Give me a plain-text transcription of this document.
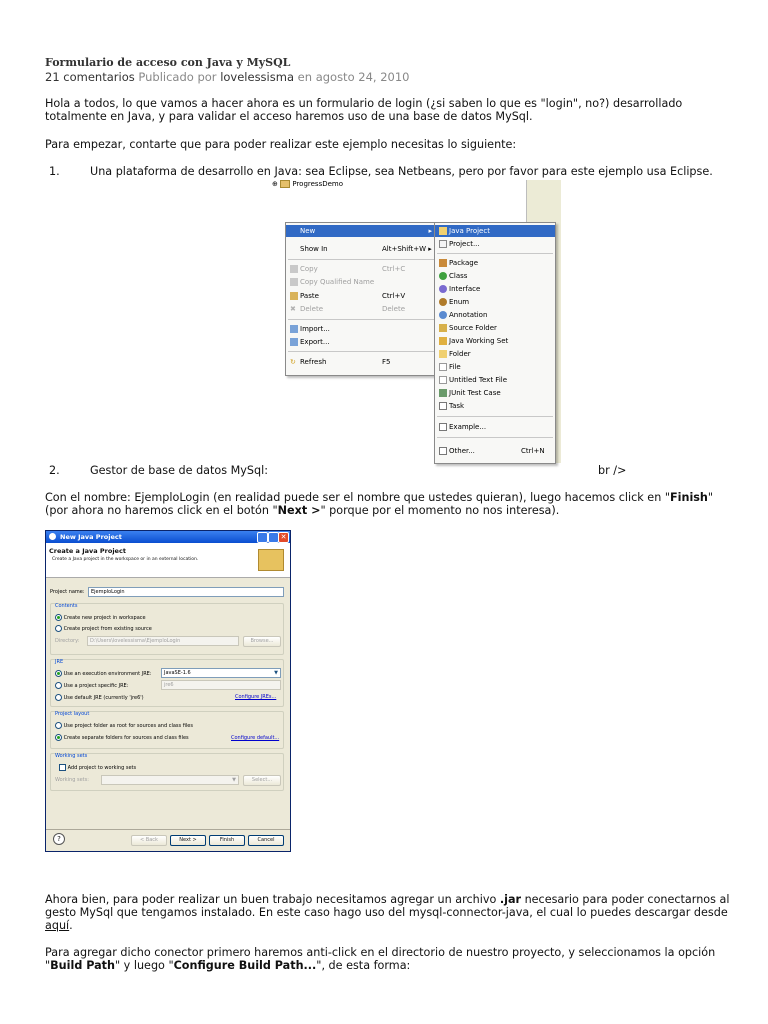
Formulario de acceso con Java y MySQL
21 comentarios Publicado por lovelessisma en agosto 24, 2010
Hola a todos, lo que vamos a hacer ahora es un formulario de login (¿si saben lo que es "login", no?) desarrollado totalmente en Java, y para validar el acceso haremos uso de una base de datos MySql.
Para empezar, contarte que para poder realizar este ejemplo necesitas lo siguiente:
1.	Una plataforma de desarrollo en Java: sea Eclipse, sea Netbeans, pero por favor para este ejemplo usa Eclipse.
⊕ ProgressDemo
New	▸
Show In	Alt+Shift+W ▸
Copy	Ctrl+C
Copy Qualified Name
Paste	Ctrl+V
✖ Delete	Delete
Import...
Export...
↻ Refresh	F5
Java Project
Project...
Package
Class
Interface
Enum
Annotation
Source Folder
Java Working Set
Folder
File
Untitled Text File
JUnit Test Case
Task
Example...
Other...	Ctrl+N
2.	Gestor de base de datos MySql:	br />
Con el nombre: EjemploLogin (en realidad puede ser el nombre que ustedes quieran), luego hacemos click en "Finish" (por ahora no haremos click en el botón "Next >" porque por el momento no nos interesa).
New Java Project	✕
Create a Java Project
Create a Java project in the workspace or in an external location.
Project name: EjemploLogin
Contents
Create new project in workspace
Create project from existing source
Directory: D:\Users\lovelessisma\EjemploLogin	Browse...
JRE
Use an execution environment JRE: JavaSE-1.6	▼
Use a project specific JRE:	jre6
Use default JRE (currently 'jre6')	Configure JREs...
Project layout
Use project folder as root for sources and class files
Create separate folders for sources and class files	Configure default...
Working sets
Add project to working sets
Working sets:	▼	Select...
?	< Back	Next >	Finish	Cancel
Ahora bien, para poder realizar un buen trabajo necesitamos agregar un archivo .jar necesario para poder conectarnos al gesto MySql que tengamos instalado. En este caso hago uso del mysql-connector-java, el cual lo puedes descargar desde aquí.
Para agregar dicho conector primero haremos anti-click en el directorio de nuestro proyecto, y seleccionamos la opción "Build Path" y luego "Configure Build Path...", de esta forma:
